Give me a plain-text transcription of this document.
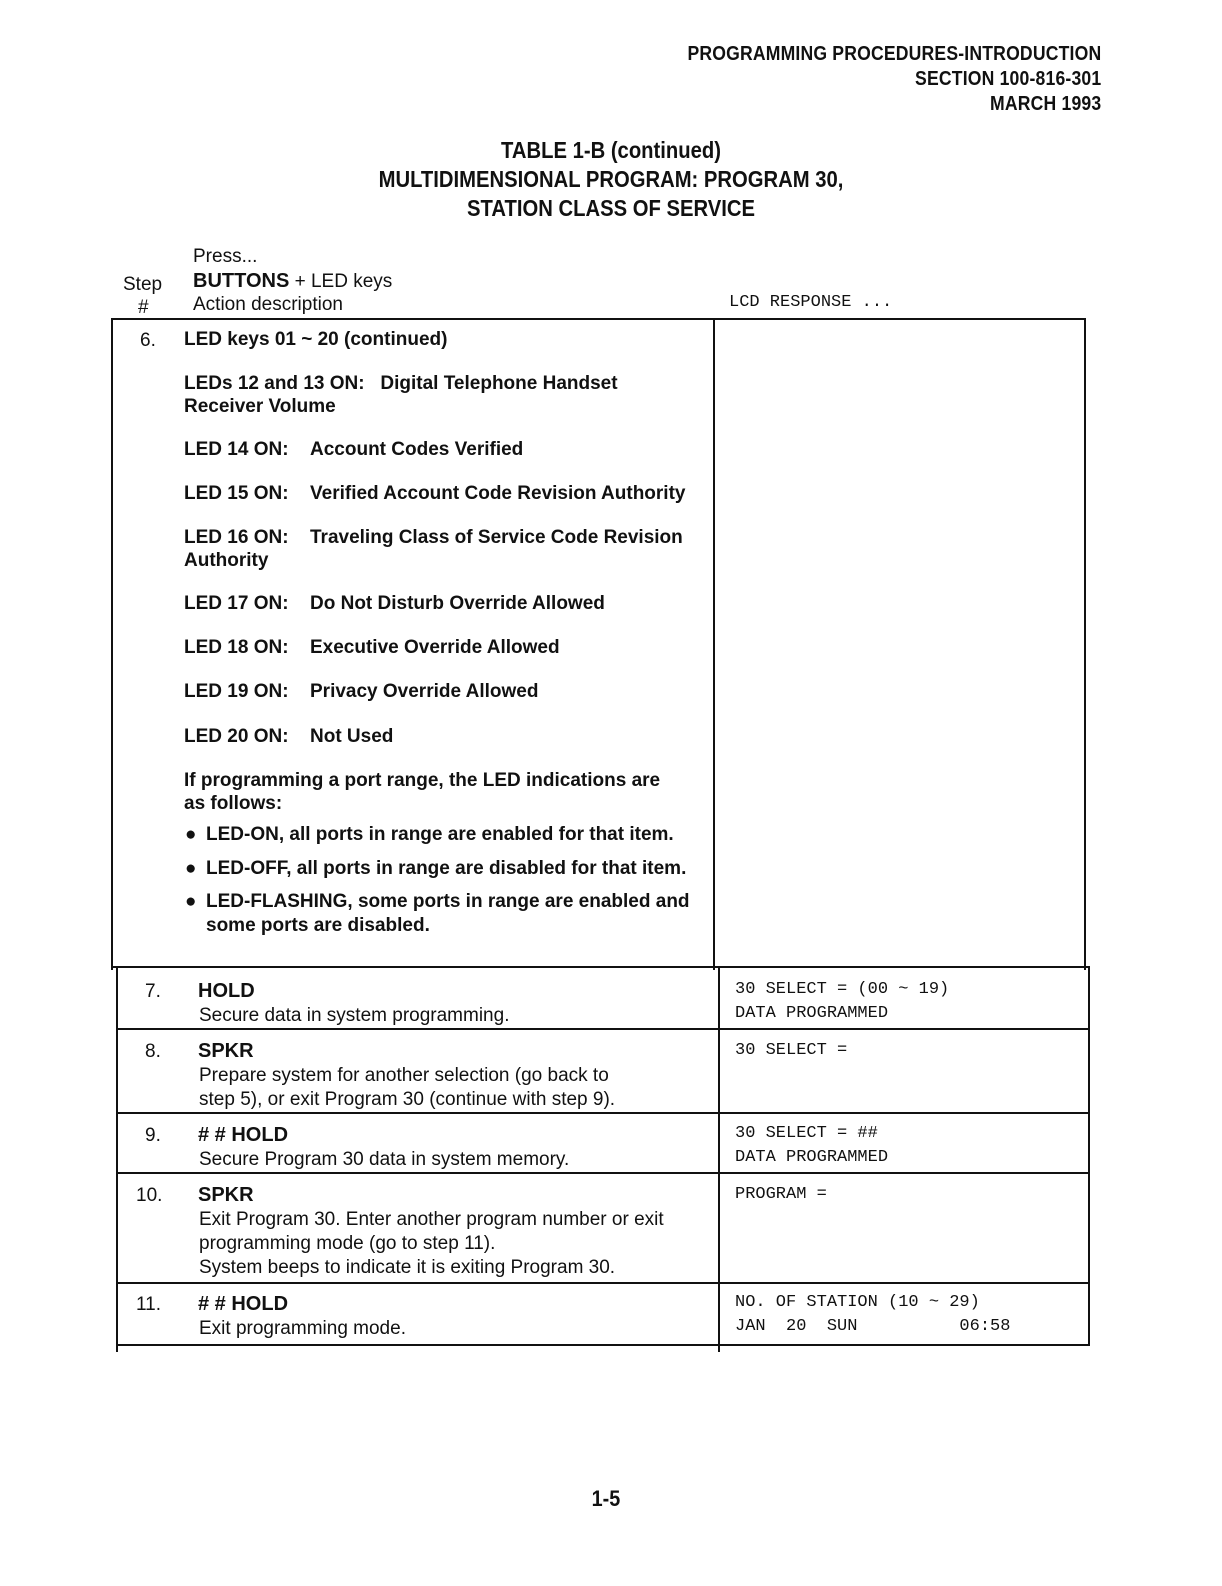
PROGRAMMING PROCEDURES-INTRODUCTION
SECTION 100-816-301
MARCH 1993
TABLE 1-B (continued)
MULTIDIMENSIONAL PROGRAM: PROGRAM 30,
STATION CLASS OF SERVICE
Press...
Step
#
BUTTONS + LED keys
Action description	LCD RESPONSE ...
6. LED keys 01 ~ 20 (continued)
LEDs 12 and 13 ON:   Digital Telephone Handset
Receiver Volume
LED 14 ON: Account Codes Verified
LED 15 ON: Verified Account Code Revision Authority
LED 16 ON: Traveling Class of Service Code Revision
Authority
LED 17 ON: Do Not Disturb Override Allowed
LED 18 ON: Executive Override Allowed
LED 19 ON: Privacy Override Allowed
LED 20 ON: Not Used
If programming a port range, the LED indications are
as follows:
● LED-ON, all ports in range are enabled for that item.
● LED-OFF, all ports in range are disabled for that item.
● LED-FLASHING, some ports in range are enabled and
some ports are disabled.
7. HOLD
Secure data in system programming.
30 SELECT = (00 ~ 19)
DATA PROGRAMMED
8. SPKR
Prepare system for another selection (go back to
step 5), or exit Program 30 (continue with step 9).
30 SELECT =
9. # # HOLD
Secure Program 30 data in system memory.
30 SELECT = ##
DATA PROGRAMMED
10. SPKR
Exit Program 30. Enter another program number or exit
programming mode (go to step 11).
System beeps to indicate it is exiting Program 30.
PROGRAM =
11. # # HOLD
Exit programming mode.
NO. OF STATION (10 ~ 29)
JAN  20  SUN          06:58
1-5
